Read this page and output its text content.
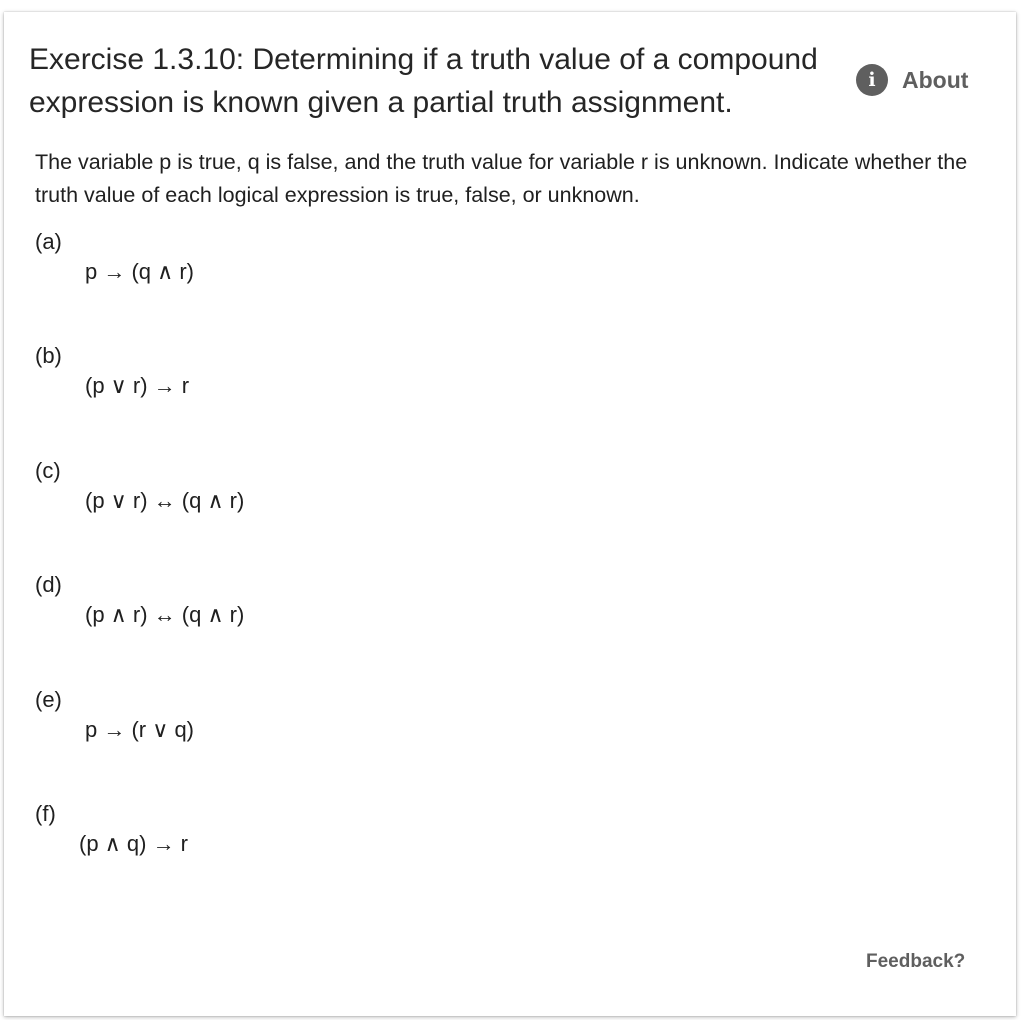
Exercise 1.3.10: Determining if a truth value of a compound expression is known given a partial truth assignment.
i	About

The variable p is true, q is false, and the truth value for variable r is unknown. Indicate whether the truth value of each logical expression is true, false, or unknown.

(a)
p → (q ∧ r)
(b)
(p ∨ r) → r
(c)
(p ∨ r) ↔ (q ∧ r)
(d)
(p ∧ r) ↔ (q ∧ r)
(e)
p → (r ∨ q)
(f)
(p ∧ q) → r
Feedback?
